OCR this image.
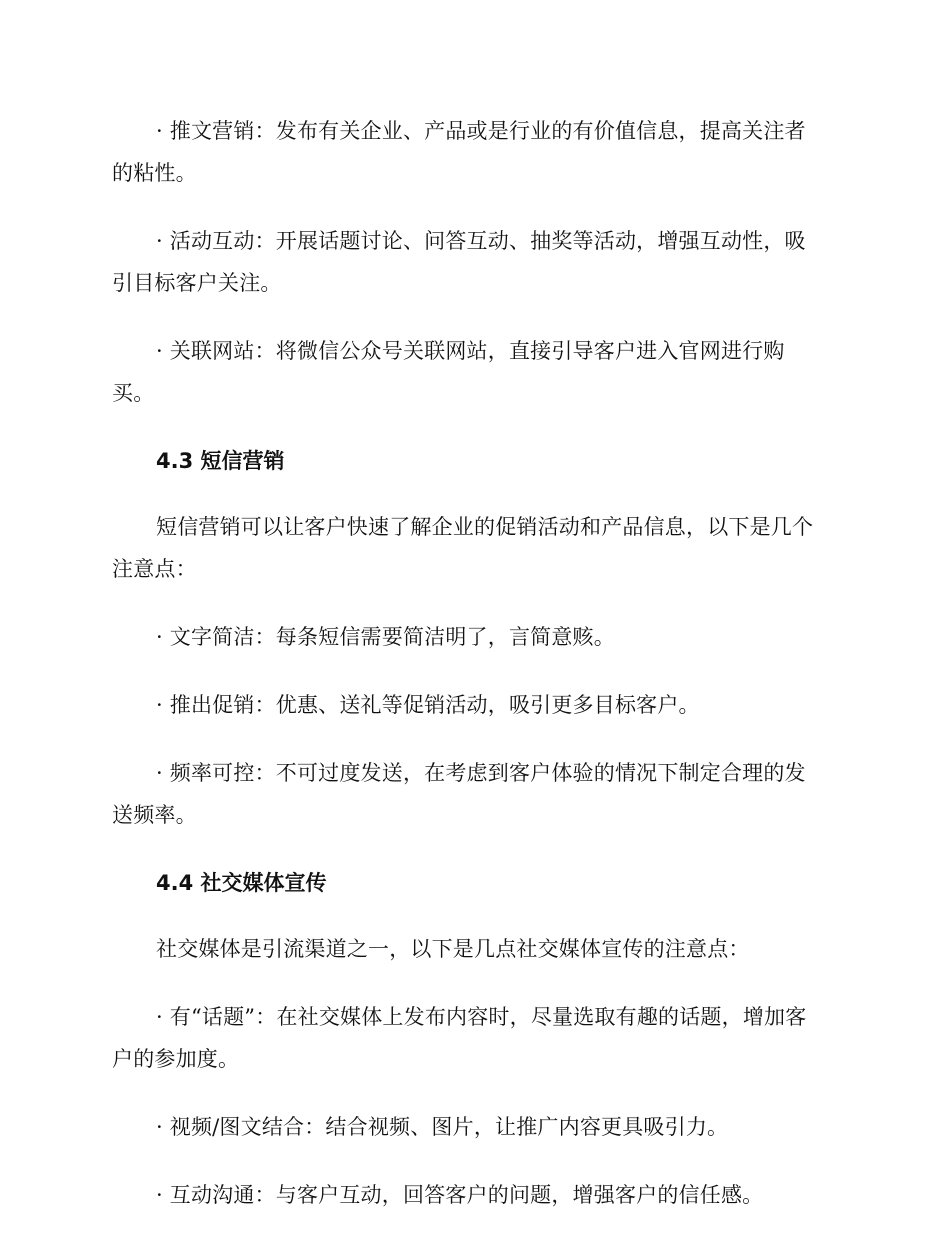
· 推文营销：发布有关企业、产品或是行业的有价值信息，提高关注者的粘性。

· 活动互动：开展话题讨论、问答互动、抽奖等活动，增强互动性，吸引目标客户关注。

· 关联网站：将微信公众号关联网站，直接引导客户进入官网进行购买。

4.3 短信营销

短信营销可以让客户快速了解企业的促销活动和产品信息，以下是几个注意点：

· 文字简洁：每条短信需要简洁明了，言简意赅。

· 推出促销：优惠、送礼等促销活动，吸引更多目标客户。

· 频率可控：不可过度发送，在考虑到客户体验的情况下制定合理的发送频率。

4.4 社交媒体宣传

社交媒体是引流渠道之一，以下是几点社交媒体宣传的注意点：

· 有“话题”：在社交媒体上发布内容时，尽量选取有趣的话题，增加客户的参加度。

· 视频/图文结合：结合视频、图片，让推广内容更具吸引力。

· 互动沟通：与客户互动，回答客户的问题，增强客户的信任感。
